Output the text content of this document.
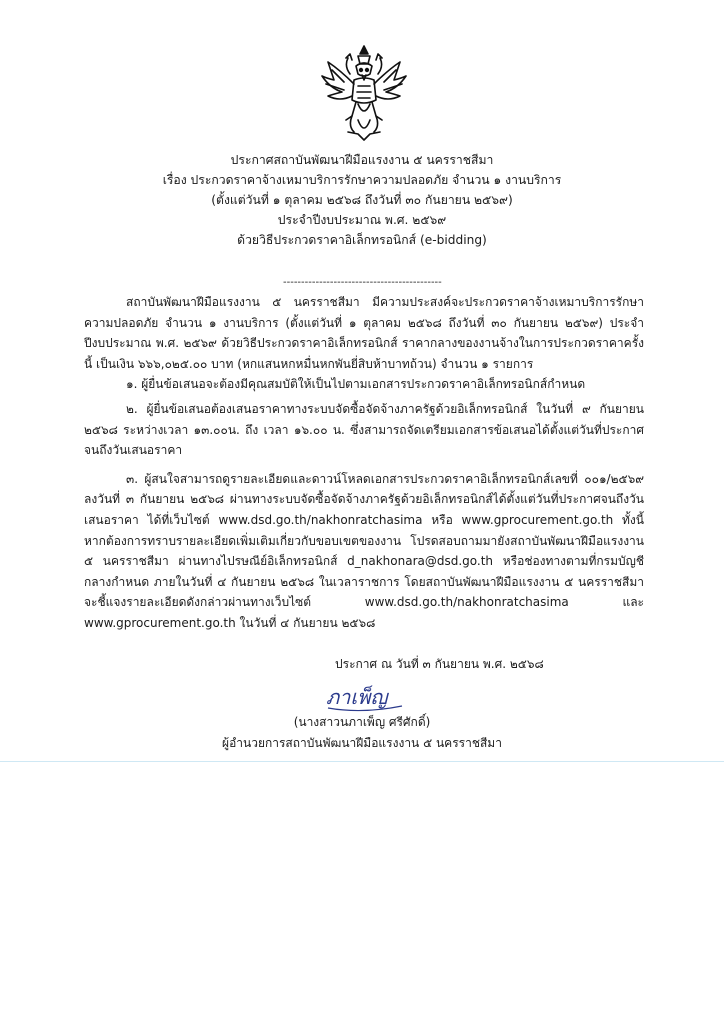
ประกาศสถาบันพัฒนาฝีมือแรงงาน ๕ นครราชสีมา
เรื่อง ประกวดราคาจ้างเหมาบริการรักษาความปลอดภัย จำนวน ๑ งานบริการ
(ตั้งแต่วันที่ ๑ ตุลาคม ๒๕๖๘ ถึงวันที่ ๓๐ กันยายน ๒๕๖๙)
ประจำปีงบประมาณ พ.ศ. ๒๕๖๙
ด้วยวิธีประกวดราคาอิเล็กทรอนิกส์ (e-bidding)
--------------------------------------------

สถาบันพัฒนาฝีมือแรงงาน ๕ นครราชสีมา มีความประสงค์จะประกวดราคาจ้างเหมาบริการรักษาความปลอดภัย จำนวน ๑ งานบริการ (ตั้งแต่วันที่ ๑ ตุลาคม ๒๕๖๘ ถึงวันที่ ๓๐ กันยายน ๒๕๖๙) ประจำปีงบประมาณ พ.ศ. ๒๕๖๙ ด้วยวิธีประกวดราคาอิเล็กทรอนิกส์ ราคากลางของงานจ้างในการประกวดราคาครั้งนี้ เป็นเงิน ๖๖๖,๐๒๕.๐๐ บาท (หกแสนหกหมื่นหกพันยี่สิบห้าบาทถ้วน) จำนวน ๑ รายการ

๑. ผู้ยื่นข้อเสนอจะต้องมีคุณสมบัติให้เป็นไปตามเอกสารประกวดราคาอิเล็กทรอนิกส์กำหนด

๒. ผู้ยื่นข้อเสนอต้องเสนอราคาทางระบบจัดซื้อจัดจ้างภาครัฐด้วยอิเล็กทรอนิกส์ ในวันที่ ๙ กันยายน ๒๕๖๘ ระหว่างเวลา ๑๓.๐๐น. ถึง เวลา ๑๖.๐๐ น. ซึ่งสามารถจัดเตรียมเอกสารข้อเสนอได้ตั้งแต่วันที่ประกาศจนถึงวันเสนอราคา

๓. ผู้สนใจสามารถดูรายละเอียดและดาวน์โหลดเอกสารประกวดราคาอิเล็กทรอนิกส์เลขที่ ๐๐๑/๒๕๖๙ ลงวันที่ ๓ กันยายน ๒๕๖๘ ผ่านทางระบบจัดซื้อจัดจ้างภาครัฐด้วยอิเล็กทรอนิกส์ได้ตั้งแต่วันที่ประกาศจนถึงวันเสนอราคา ได้ที่เว็บไซต์ www.dsd.go.th/nakhonratchasima หรือ www.gprocurement.go.th ทั้งนี้ หากต้องการทราบรายละเอียดเพิ่มเติมเกี่ยวกับขอบเขตของงาน โปรดสอบถามมายังสถาบันพัฒนาฝีมือแรงงาน ๕ นครราชสีมา ผ่านทางไปรษณีย์อิเล็กทรอนิกส์ d_nakhonara@dsd.go.th หรือช่องทางตามที่กรมบัญชีกลางกำหนด ภายในวันที่ ๔ กันยายน ๒๕๖๘ ในเวลาราชการ โดยสถาบันพัฒนาฝีมือแรงงาน ๕ นครราชสีมา จะชี้แจงรายละเอียดดังกล่าวผ่านทางเว็บไซต์ www.dsd.go.th/nakhonratchasima และ www.gprocurement.go.th ในวันที่ ๔ กันยายน ๒๕๖๘

ประกาศ ณ วันที่ ๓ กันยายน พ.ศ. ๒๕๖๘
ภาเพ็ญ
(นางสาวนภาเพ็ญ ศรีศักดิ์)
ผู้อำนวยการสถาบันพัฒนาฝีมือแรงงาน ๕ นครราชสีมา
